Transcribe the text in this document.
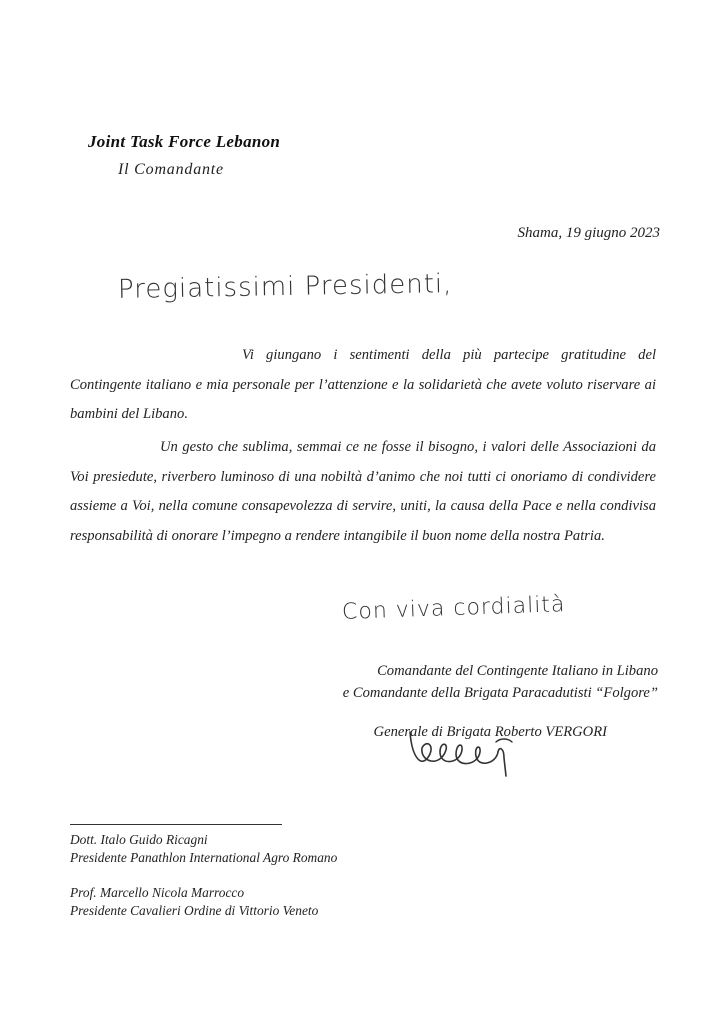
Joint Task Force Lebanon
Il Comandante
Shama, 19 giugno 2023
Pregiatissimi Presidenti,
Vi giungano i sentimenti della più partecipe gratitudine del Contingente italiano e mia personale per l’attenzione e la solidarietà che avete voluto riservare ai bambini del Libano.
Un gesto che sublima, semmai ce ne fosse il bisogno, i valori delle Associazioni da Voi presiedute, riverbero luminoso di una nobiltà d’animo che noi tutti ci onoriamo di condividere assieme a Voi, nella comune consapevolezza di servire, uniti, la causa della Pace e nella condivisa responsabilità di onorare l’impegno a rendere intangibile il buon nome della nostra Patria.
Con viva cordialità
Comandante del Contingente Italiano in Libano
e Comandante della Brigata Paracadutisti “Folgore”
Generale di Brigata Roberto VERGORI
Dott. Italo Guido Ricagni
Presidente Panathlon International Agro Romano
Prof. Marcello Nicola Marrocco
Presidente Cavalieri Ordine di Vittorio Veneto
